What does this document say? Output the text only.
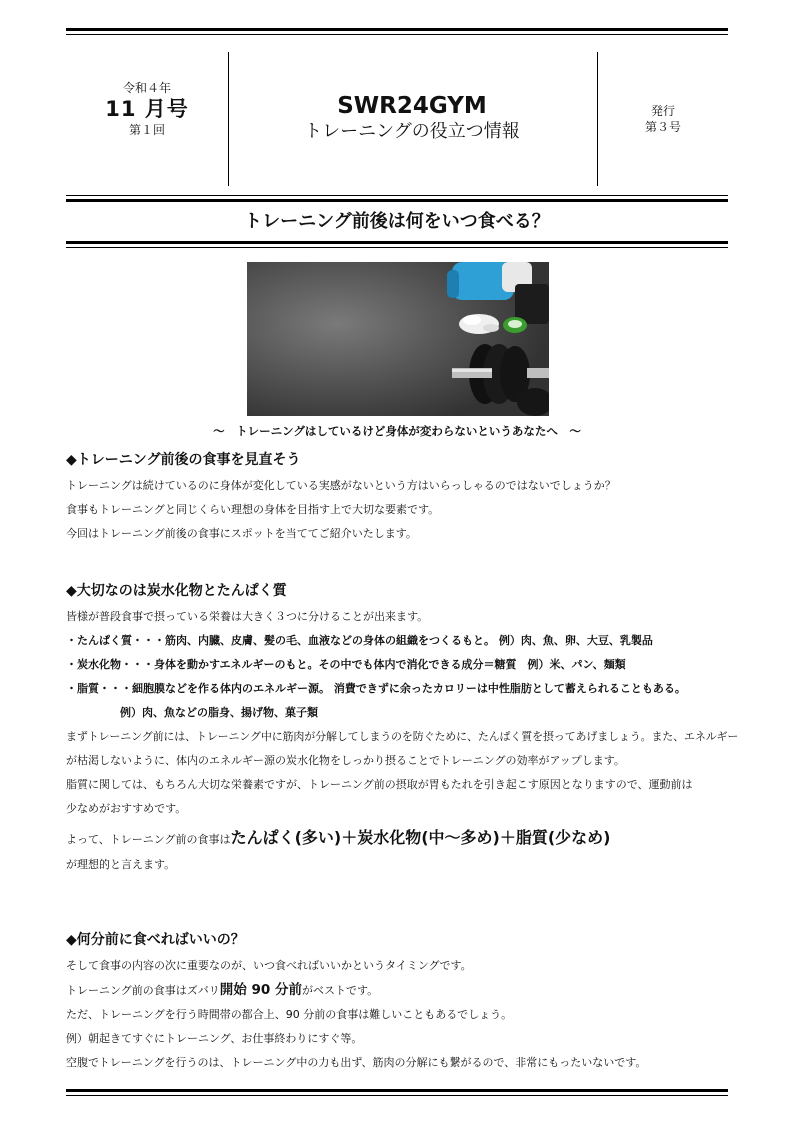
令和４年
11 月号
第１回
SWR24GYM
トレーニングの役立つ情報
発行
第３号
トレーニング前後は何をいつ食べる？
～　トレーニングはしているけど身体が変わらないというあなたへ　～

◆トレーニング前後の食事を見直そう

トレーニングは続けているのに身体が変化している実感がないという方はいらっしゃるのではないでしょうか？

食事もトレーニングと同じくらい理想の身体を目指す上で大切な要素です。

今回はトレーニング前後の食事にスポットを当ててご紹介いたします。

◆大切なのは炭水化物とたんぱく質

皆様が普段食事で摂っている栄養は大きく３つに分けることが出来ます。

・たんぱく質・・・筋肉、内臓、皮膚、髪の毛、血液などの身体の組織をつくるもと。 例）肉、魚、卵、大豆、乳製品

・炭水化物・・・身体を動かすエネルギーのもと。その中でも体内で消化できる成分＝糖質　例）米、パン、麺類

・脂質・・・細胞膜などを作る体内のエネルギー源。 消費できずに余ったカロリーは中性脂肪として蓄えられることもある。

例）肉、魚などの脂身、揚げ物、菓子類

まずトレーニング前には、トレーニング中に筋肉が分解してしまうのを防ぐために、たんぱく質を摂ってあげましょう。また、エネルギー

が枯渇しないように、体内のエネルギー源の炭水化物をしっかり摂ることでトレーニングの効率がアップします。

脂質に関しては、もちろん大切な栄養素ですが、トレーニング前の摂取が胃もたれを引き起こす原因となりますので、運動前は

少なめがおすすめです。

よって、トレーニング前の食事はたんぱく(多い)＋炭水化物(中～多め)＋脂質(少なめ)

が理想的と言えます。

◆何分前に食べればいいの？

そして食事の内容の次に重要なのが、いつ食べればいいかというタイミングです。

トレーニング前の食事はズバリ開始 90 分前がベストです。

ただ、トレーニングを行う時間帯の都合上、90 分前の食事は難しいこともあるでしょう。

例）朝起きてすぐにトレーニング、お仕事終わりにすぐ等。

空腹でトレーニングを行うのは、トレーニング中の力も出ず、筋肉の分解にも繋がるので、非常にもったいないです。
